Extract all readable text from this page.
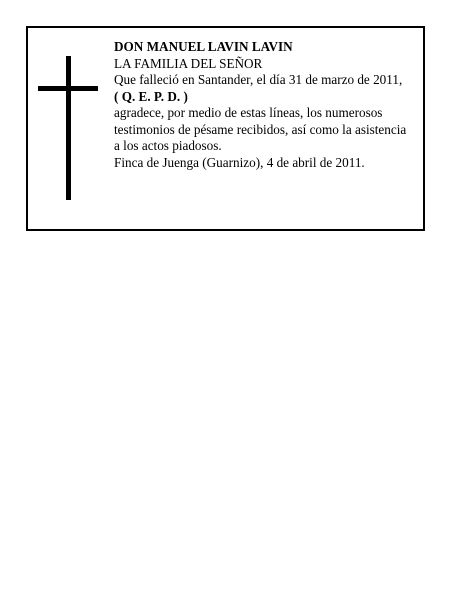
DON MANUEL LAVIN LAVIN
LA FAMILIA DEL SEÑOR
Que falleció en Santander, el día 31 de marzo de 2011,
( Q. E. P. D. )
agradece, por medio de estas líneas, los numerosos
testimonios de pésame recibidos, así como la asistencia
a los actos piadosos.
Finca de Juenga (Guarnizo), 4 de abril de 2011.
